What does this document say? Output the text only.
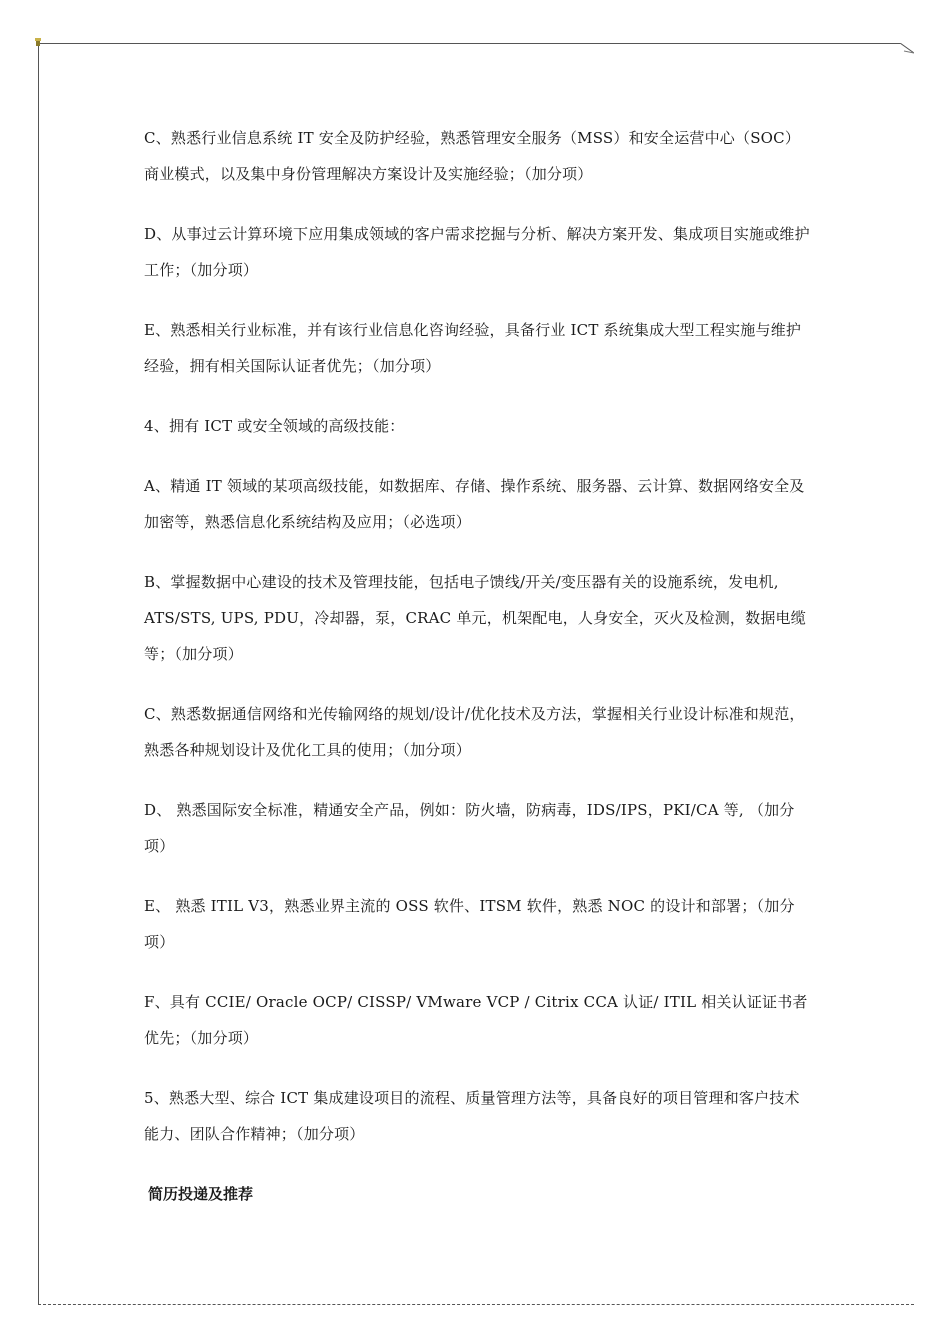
C、熟悉行业信息系统 IT 安全及防护经验，熟悉管理安全服务（MSS）和安全运营中心（SOC）商业模式，以及集中身份管理解决方案设计及实施经验；（加分项）

D、从事过云计算环境下应用集成领域的客户需求挖掘与分析、解决方案开发、集成项目实施或维护工作；（加分项）

E、熟悉相关行业标准，并有该行业信息化咨询经验，具备行业 ICT 系统集成大型工程实施与维护经验，拥有相关国际认证者优先；（加分项）

4、拥有 ICT 或安全领域的高级技能：

A、精通 IT 领域的某项高级技能，如数据库、存储、操作系统、服务器、云计算、数据网络安全及加密等，熟悉信息化系统结构及应用；（必选项）

B、掌握数据中心建设的技术及管理技能，包括电子馈线/开关/变压器有关的设施系统，发电机, ATS/STS, UPS, PDU，冷却器，泵，CRAC 单元，机架配电，人身安全，灭火及检测，数据电缆等；（加分项）

C、熟悉数据通信网络和光传输网络的规划/设计/优化技术及方法，掌握相关行业设计标准和规范，熟悉各种规划设计及优化工具的使用；（加分项）

D、 熟悉国际安全标准，精通安全产品，例如：防火墙，防病毒，IDS/IPS，PKI/CA 等, （加分项）

E、 熟悉 ITIL V3，熟悉业界主流的 OSS 软件、ITSM 软件，熟悉 NOC 的设计和部署；（加分项）

F、具有 CCIE/ Oracle OCP/ CISSP/ VMware VCP / Citrix CCA 认证/ ITIL 相关认证证书者优先；（加分项）

5、熟悉大型、综合 ICT 集成建设项目的流程、质量管理方法等，具备良好的项目管理和客户技术能力、团队合作精神；（加分项）

简历投递及推荐
